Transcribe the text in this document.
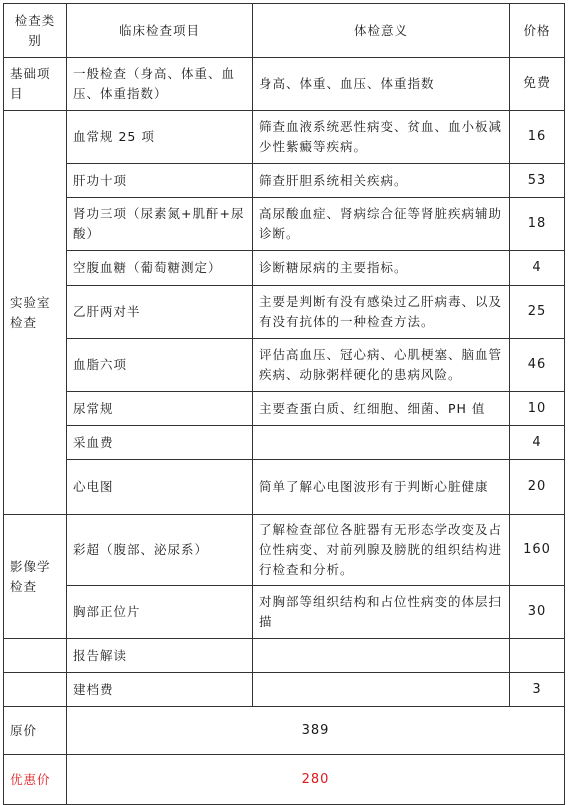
检查类别	临床检查项目	体检意义	价格
基础项目	一般检查（身高、体重、血压、体重指数）	身高、体重、血压、体重指数	免费
实验室检查	血常规 25 项	筛查血液系统恶性病变、贫血、血小板减少性紫癜等疾病。	16
	肝功十项	筛查肝胆系统相关疾病。	53
	肾功三项（尿素氮+肌酐+尿酸）	高尿酸血症、肾病综合征等肾脏疾病辅助诊断。	18
	空腹血糖（葡萄糖测定）	诊断糖尿病的主要指标。	4
	乙肝两对半	主要是判断有没有感染过乙肝病毒、以及有没有抗体的一种检查方法。	25
	血脂六项	评估高血压、冠心病、心肌梗塞、脑血管疾病、动脉粥样硬化的患病风险。	46
	尿常规	主要查蛋白质、红细胞、细菌、PH 值	10
	采血费		4
	心电图	简单了解心电图波形有于判断心脏健康	20
影像学检查	彩超（腹部、泌尿系）	了解检查部位各脏器有无形态学改变及占位性病变、对前列腺及膀胱的组织结构进行检查和分析。	160
	胸部正位片	对胸部等组织结构和占位性病变的体层扫描	30
	报告解读		
	建档费		3
原价	389		
优惠价	280		
